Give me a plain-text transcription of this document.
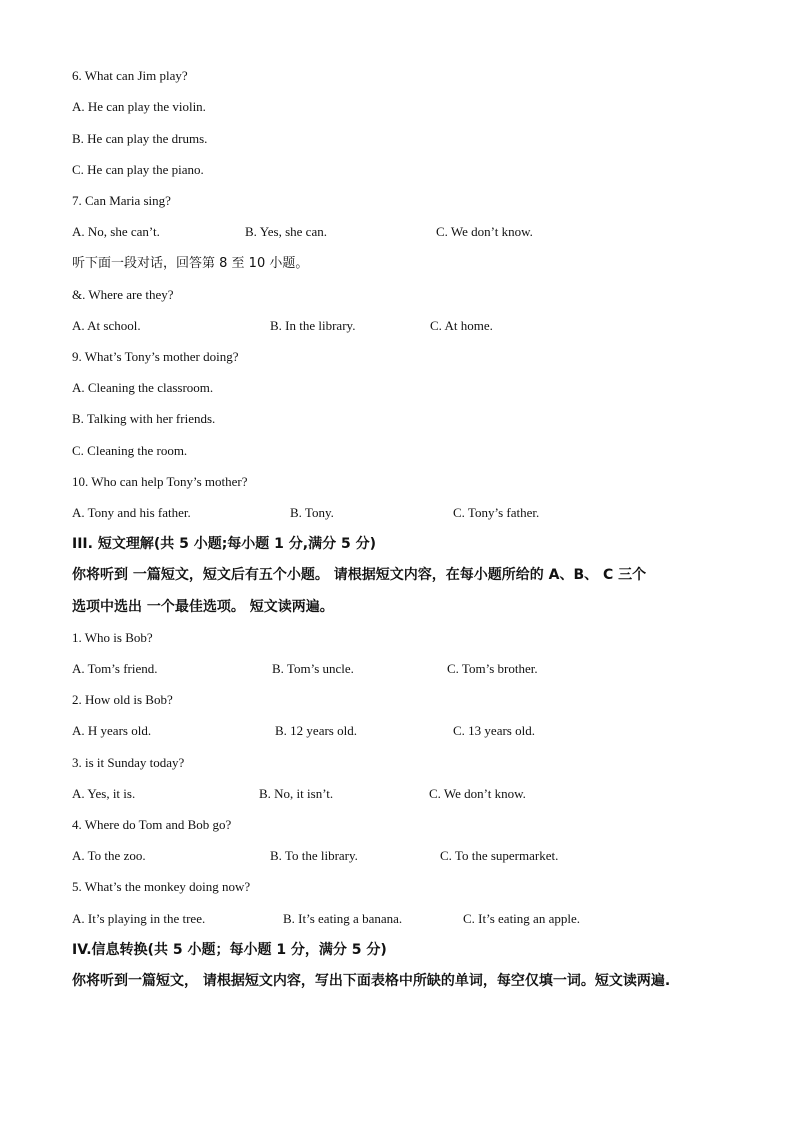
6. What can Jim play?
A. He can play the violin.
B. He can play the drums.
C. He can play the piano.
7. Can Maria sing?
A. No, she can’t.	B. Yes, she can.	C. We don’t know.
听下面一段对话，回答第 8 至 10 小题。
&. Where are they?
A. At school.	B. In the library.	C. At home.
9. What’s Tony’s mother doing?
A. Cleaning the classroom.
B. Talking with her friends.
C. Cleaning the room.
10. Who can help Tony’s mother?
A. Tony and his father.	B. Tony.	C. Tony’s father.
III. 短文理解(共 5 小题;每小题 1 分,满分 5 分)
你将听到 一篇短文，短文后有五个小题。 请根据短文内容，在每小题所给的 A、B、 C 三个
选项中选出 一个最佳选项。 短文读两遍。
1. Who is Bob?
A. Tom’s friend.	B. Tom’s uncle.	C. Tom’s brother.
2. How old is Bob?
A. H years old.	B. 12 years old.	C. 13 years old.
3. is it Sunday today?
A. Yes, it is.	B. No, it isn’t.	C. We don’t know.
4. Where do Tom and Bob go?
A. To the zoo.	B. To the library.	C. To the supermarket.
5. What’s the monkey doing now?
A. It’s playing in the tree.	B. It’s eating a banana.	C. It’s eating an apple.
IV.信息转换(共 5 小题；每小题 1 分，满分 5 分)
你将听到一篇短文， 请根据短文内容，写出下面表格中所缺的单词，每空仅填一词。短文读两遍.
